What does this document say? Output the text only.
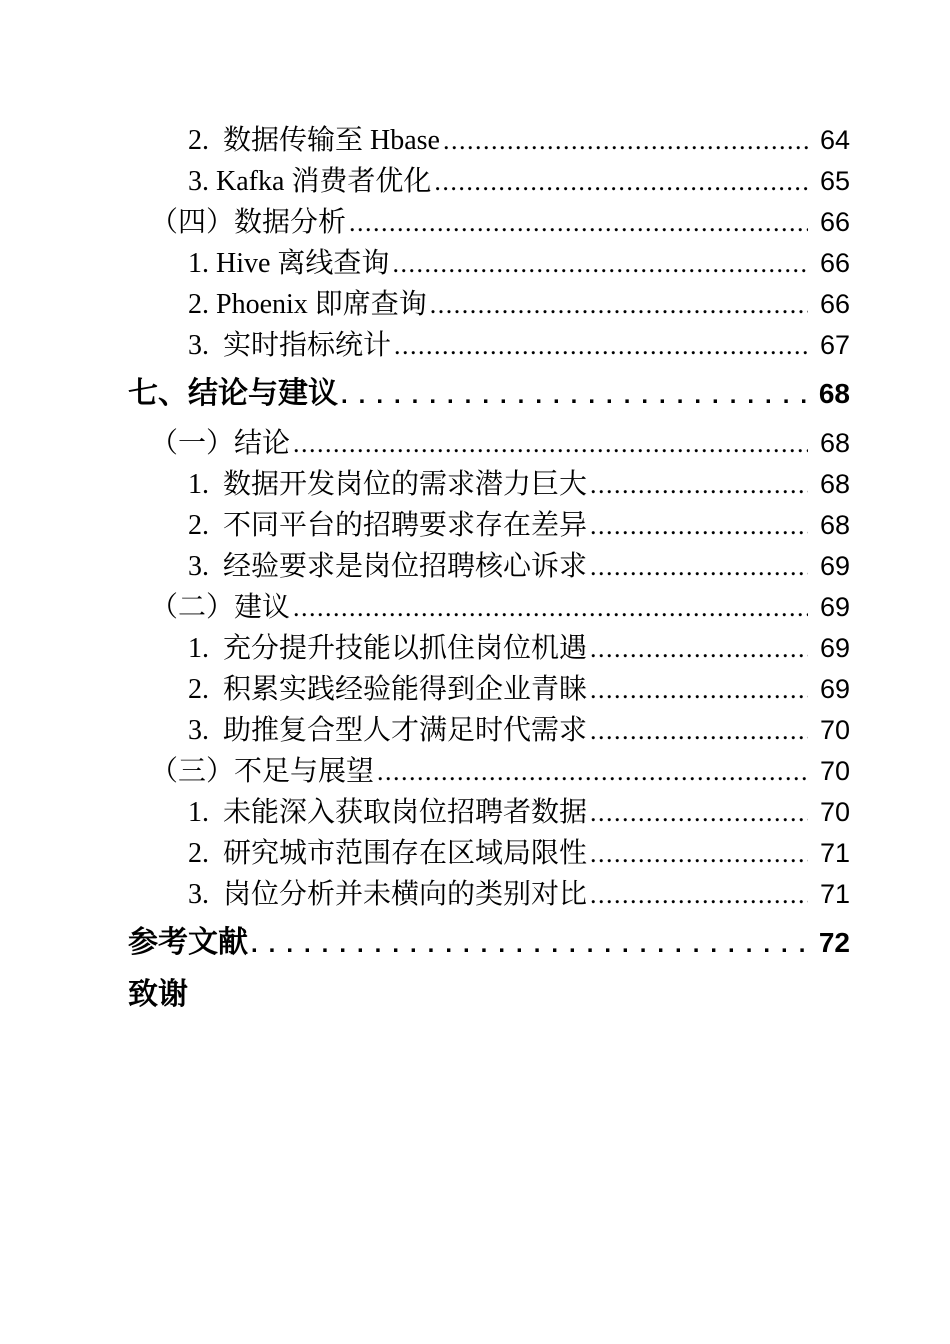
2.  数据传输至 Hbase .....	64
3. Kafka 消费者优化 .....	65
（四）数据分析 .....	66
1. Hive 离线查询 .....	66
2. Phoenix 即席查询 .....	66
3.  实时指标统计 .....	67
七、结论与建议 .....	68
（一）结论 .....	68
1.  数据开发岗位的需求潜力巨大 .....	68
2.  不同平台的招聘要求存在差异 .....	68
3.  经验要求是岗位招聘核心诉求 .....	69
（二）建议 .....	69
1.  充分提升技能以抓住岗位机遇 .....	69
2.  积累实践经验能得到企业青睐 .....	69
3.  助推复合型人才满足时代需求 .....	70
（三）不足与展望 .....	70
1.  未能深入获取岗位招聘者数据 .....	70
2.  研究城市范围存在区域局限性 .....	71
3.  岗位分析并未横向的类别对比 .....	71
参考文献 .....	72
致谢
